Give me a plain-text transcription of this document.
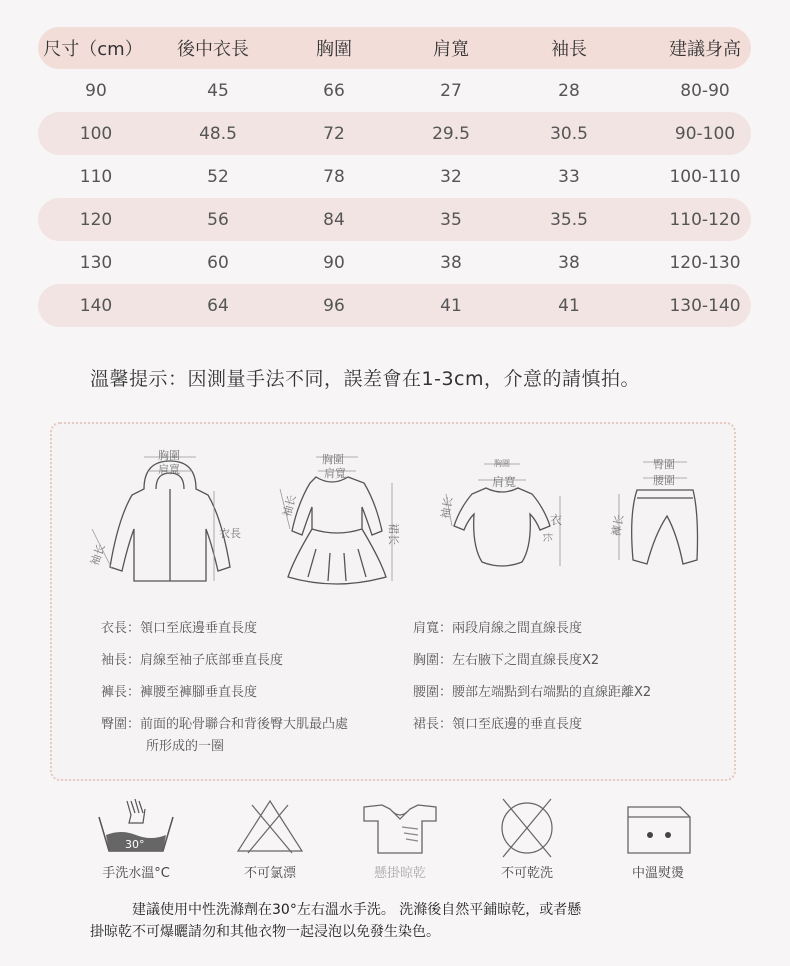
尺寸（cm） 後中衣長	胸圍	肩寬	袖長	建議身高
90	45	66	27	28	80-90
100	48.5	72	29.5	30.5	90-100
110	52	78	32	33	100-110
120	56	84	35	35.5	110-120
130	60	90	38	38	120-130
140	64	96	41	41	130-140
溫馨提示：因測量手法不同，誤差會在1-3cm，介意的請慎拍。
胸圍
肩寬
衣長
袖长
胸圍
肩寬
袖长
裙长
胸圍
肩寬
袖长
衣
长
臀圍
腰圍
褲长
衣長：領口至底邊垂直長度
袖長：肩線至袖子底部垂直長度
褲長：褲腰至褲腳垂直長度
臀圍：前面的恥骨聯合和背後臀大肌最凸處
所形成的一圈
肩寬：兩段肩線之間直線長度
胸圍：左右腋下之間直線長度X2
腰圍：腰部左端點到右端點的直線距離X2
裙長：領口至底邊的垂直長度
30°
手洗水溫°C	不可氯漂	懸掛晾乾	不可乾洗	中溫熨燙
建議使用中性洗滌劑在30°左右溫水手洗。 洗滌後自然平鋪晾乾，或者懸
掛晾乾不可爆曬請勿和其他衣物一起浸泡以免發生染色。
